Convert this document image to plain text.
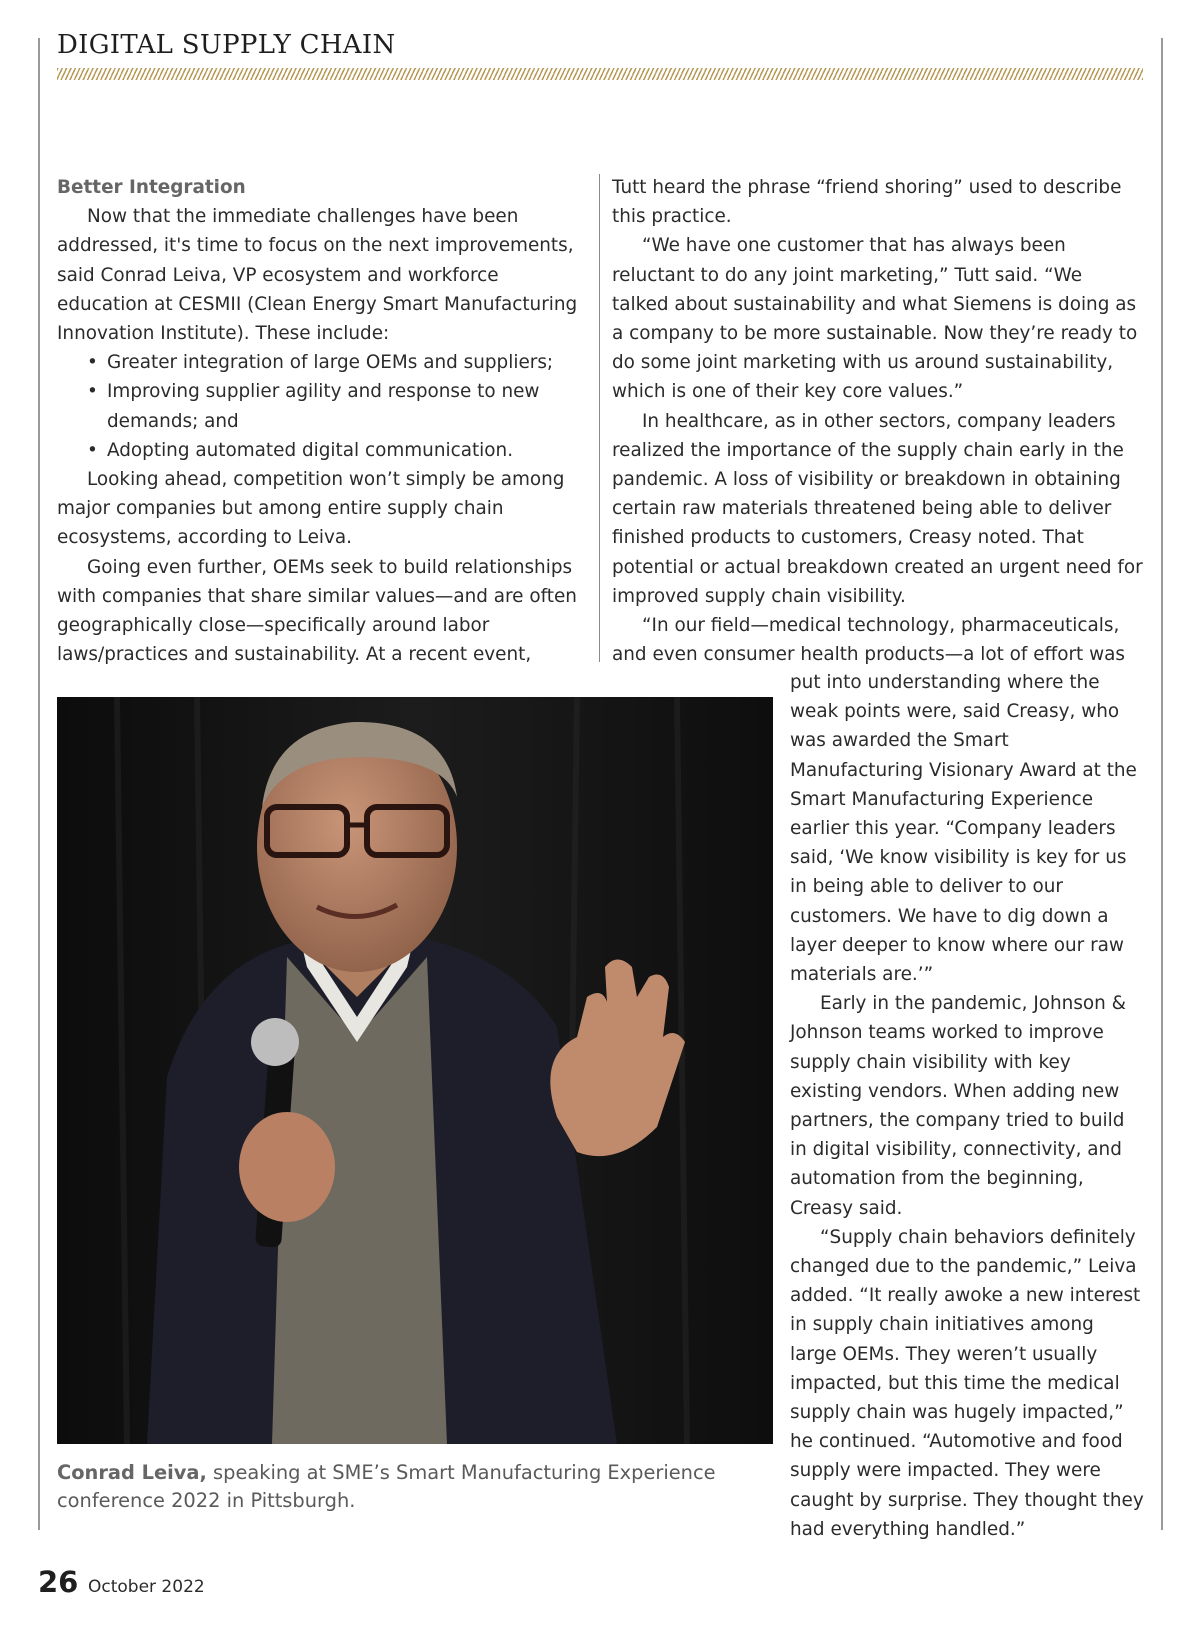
DIGITAL SUPPLY CHAIN

Better Integration

Now that the immediate challenges have been addressed, it's time to focus on the next improvements, said Conrad Leiva, VP ecosystem and workforce education at CESMII (Clean Energy Smart Manufacturing Innovation Institute). These include:

• Greater integration of large OEMs and suppliers;
• Improving supplier agility and response to new demands; and
• Adopting automated digital communication.

Looking ahead, competition won’t simply be among major companies but among entire supply chain ecosystems, according to Leiva.

Going even further, OEMs seek to build relationships with companies that share similar values—and are often geographically close—specifically around labor laws/practices and sustainability. At a recent event,

Tutt heard the phrase “friend shoring” used to describe this practice.

“We have one customer that has always been reluctant to do any joint marketing,” Tutt said. “We talked about sustainability and what Siemens is doing as a company to be more sustainable. Now they’re ready to do some joint marketing with us around sustainability, which is one of their key core values.”

In healthcare, as in other sectors, company leaders realized the importance of the supply chain early in the pandemic. A loss of visibility or breakdown in obtaining certain raw materials threatened being able to deliver finished products to customers, Creasy noted. That potential or actual breakdown created an urgent need for improved supply chain visibility.

“In our field—medical technology, pharmaceuticals, and even consumer health products—a lot of effort was

put into understanding where the weak points were, said Creasy, who was awarded the Smart Manufacturing Visionary Award at the Smart Manufacturing Experience earlier this year. “Company leaders said, ‘We know visibility is key for us in being able to deliver to our customers. We have to dig down a layer deeper to know where our raw materials are.’”

Early in the pandemic, Johnson & Johnson teams worked to improve supply chain visibility with key existing vendors. When adding new partners, the company tried to build in digital visibility, connectivity, and automation from the beginning, Creasy said.

“Supply chain behaviors definitely changed due to the pandemic,” Leiva added. “It really awoke a new interest in supply chain initiatives among large OEMs. They weren’t usually impacted, but this time the medical supply chain was hugely impacted,” he continued. “Automotive and food supply were impacted. They were caught by surprise. They thought they had everything handled.”

Conrad Leiva, speaking at SME’s Smart Manufacturing Experience conference 2022 in Pittsburgh.
26 October 2022
